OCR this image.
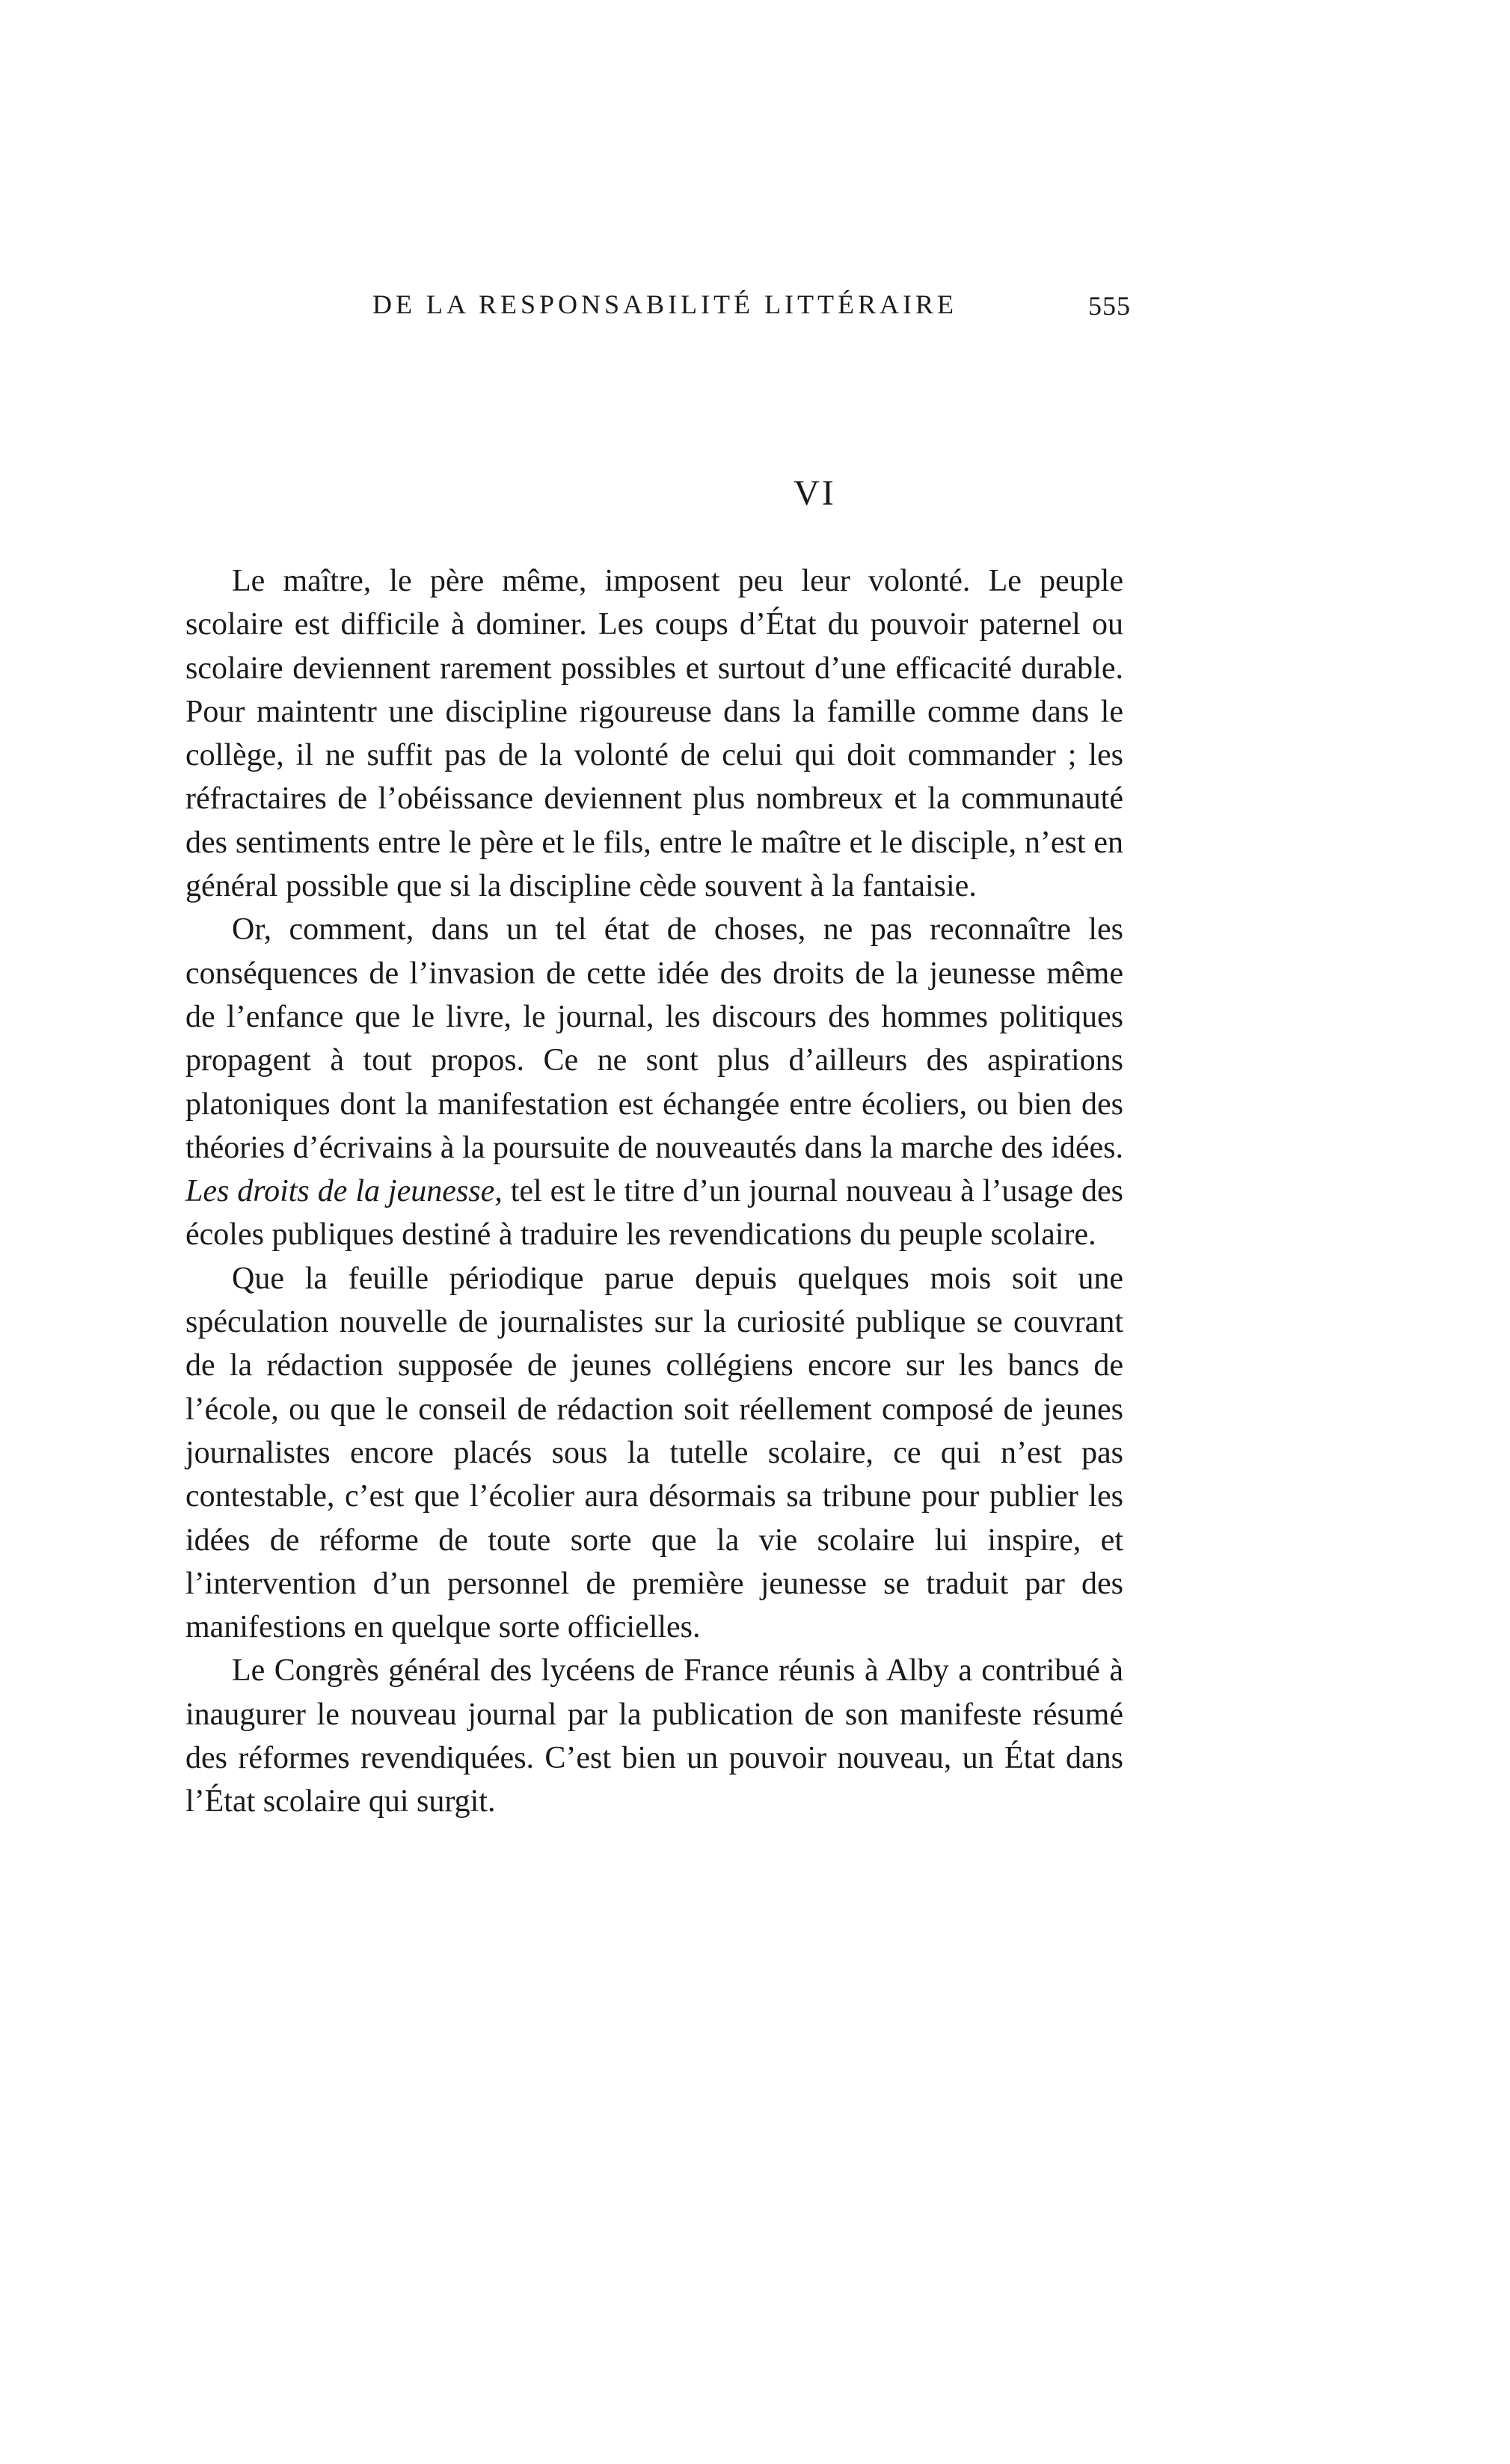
DE LA RESPONSABILITÉ LITTÉRAIRE	555
VI

Le maître, le père même, imposent peu leur volonté. Le peuple scolaire est difficile à dominer. Les coups d’État du pouvoir paternel ou scolaire deviennent rarement possibles et surtout d’une efficacité durable. Pour maintentr une discipline rigoureuse dans la famille comme dans le collège, il ne suffit pas de la volonté de celui qui doit commander ; les réfractaires de l’obéissance deviennent plus nombreux et la communauté des sentiments entre le père et le fils, entre le maître et le disciple, n’est en général possible que si la discipline cède souvent à la fantaisie.

Or, comment, dans un tel état de choses, ne pas reconnaître les conséquences de l’invasion de cette idée des droits de la jeunesse même de l’enfance que le livre, le journal, les discours des hommes politiques propagent à tout propos. Ce ne sont plus d’ailleurs des aspirations platoniques dont la manifestation est échangée entre écoliers, ou bien des théories d’écrivains à la poursuite de nouveautés dans la marche des idées. Les droits de la jeunesse, tel est le titre d’un journal nouveau à l’usage des écoles publiques destiné à traduire les revendications du peuple scolaire.

Que la feuille périodique parue depuis quelques mois soit une spéculation nouvelle de journalistes sur la curiosité publique se couvrant de la rédaction supposée de jeunes collégiens encore sur les bancs de l’école, ou que le conseil de rédaction soit réellement composé de jeunes journalistes encore placés sous la tutelle scolaire, ce qui n’est pas contestable, c’est que l’écolier aura désormais sa tribune pour publier les idées de réforme de toute sorte que la vie scolaire lui inspire, et l’intervention d’un personnel de première jeunesse se traduit par des manifestions en quelque sorte officielles.

Le Congrès général des lycéens de France réunis à Alby a contribué à inaugurer le nouveau journal par la publication de son manifeste résumé des réformes revendiquées. C’est bien un pouvoir nouveau, un État dans l’État scolaire qui surgit.
